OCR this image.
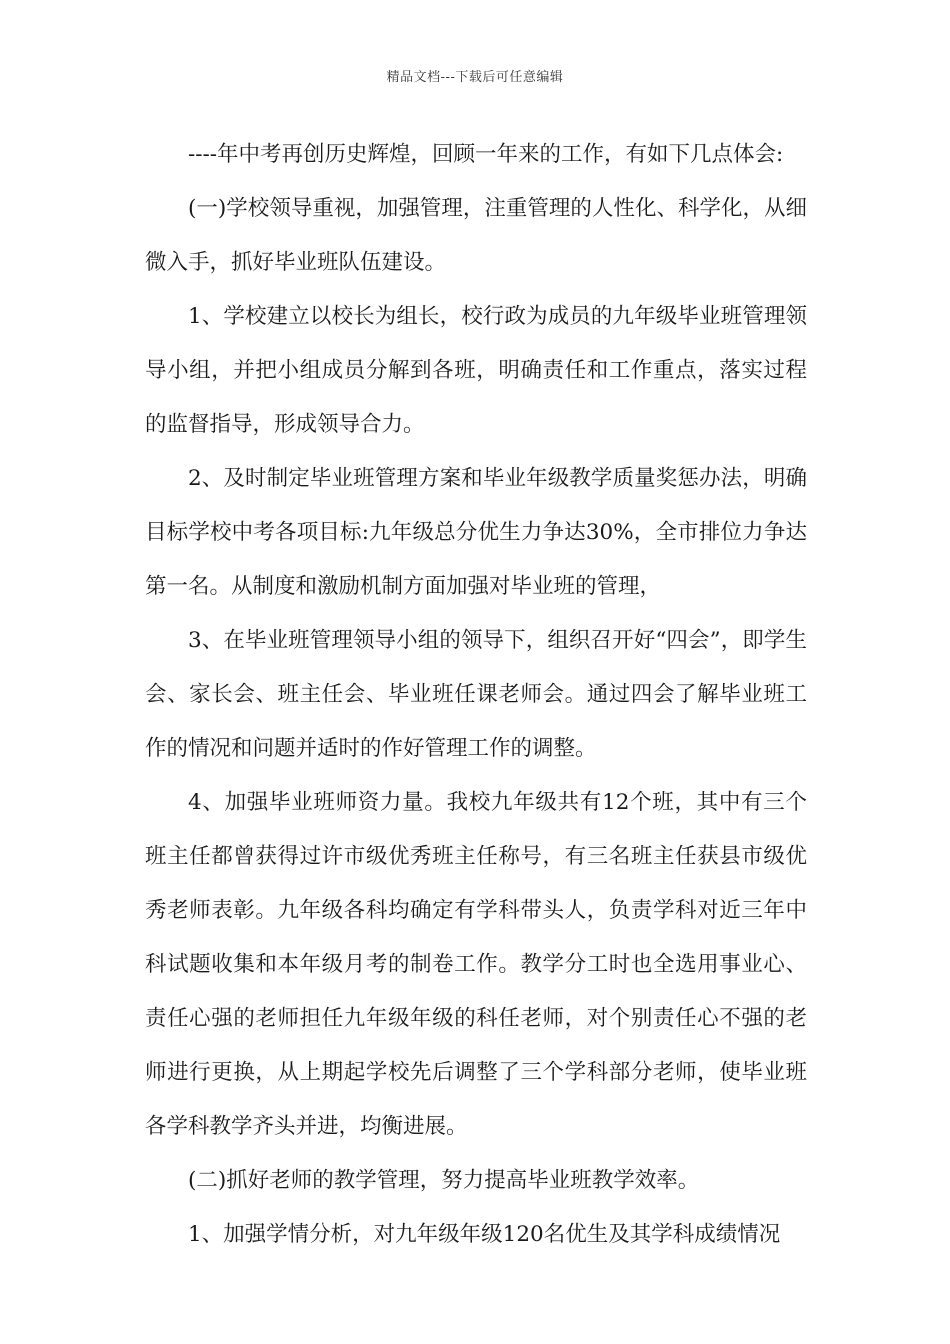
精品文档---下载后可任意编辑

----年中考再创历史辉煌，回顾一年来的工作，有如下几点体会:

(一)学校领导重视，加强管理，注重管理的人性化、科学化，从细微入手，抓好毕业班队伍建设。

1、学校建立以校长为组长，校行政为成员的九年级毕业班管理领导小组，并把小组成员分解到各班，明确责任和工作重点，落实过程的监督指导，形成领导合力。

2、及时制定毕业班管理方案和毕业年级教学质量奖惩办法，明确目标学校中考各项目标:九年级总分优生力争达30%，全市排位力争达第一名。从制度和激励机制方面加强对毕业班的管理，

3、在毕业班管理领导小组的领导下，组织召开好“四会”，即学生会、家长会、班主任会、毕业班任课老师会。通过四会了解毕业班工作的情况和问题并适时的作好管理工作的调整。

4、加强毕业班师资力量。我校九年级共有12个班，其中有三个班主任都曾获得过许市级优秀班主任称号，有三名班主任获县市级优秀老师表彰。九年级各科均确定有学科带头人，负责学科对近三年中科试题收集和本年级月考的制卷工作。教学分工时也全选用事业心、责任心强的老师担任九年级年级的科任老师，对个别责任心不强的老师进行更换，从上期起学校先后调整了三个学科部分老师，使毕业班各学科教学齐头并进，均衡进展。

(二)抓好老师的教学管理，努力提高毕业班教学效率。

1、加强学情分析，对九年级年级120名优生及其学科成绩情况
